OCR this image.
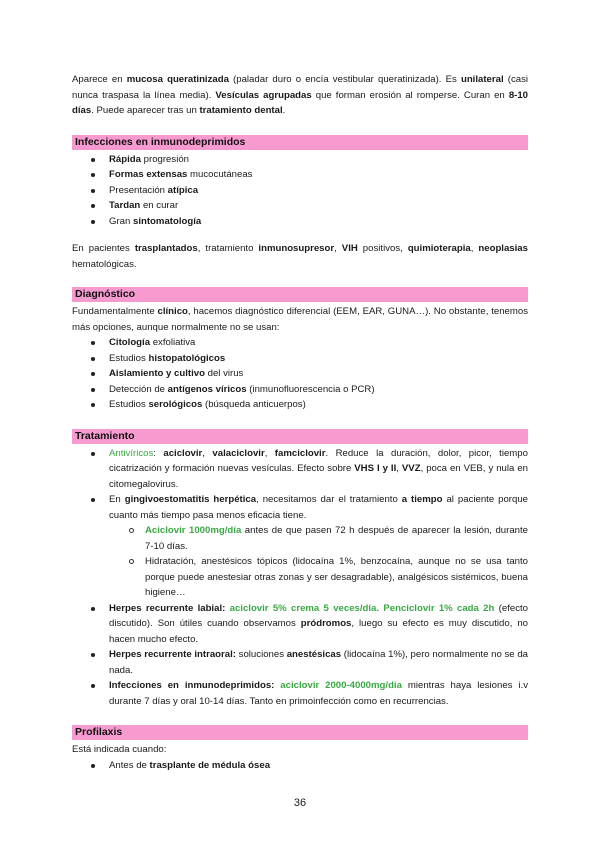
Aparece en mucosa queratinizada (paladar duro o encía vestibular queratinizada). Es unilateral (casi nunca traspasa la línea media). Vesículas agrupadas que forman erosión al romperse. Curan en 8-10 días. Puede aparecer tras un tratamiento dental.

Infecciones en inmunodeprimidos
Rápida progresión
Formas extensas mucocutáneas
Presentación atípica
Tardan en curar
Gran sintomatología

En pacientes trasplantados, tratamiento inmunosupresor, VIH positivos, quimioterapia, neoplasias hematológicas.

Diagnóstico

Fundamentalmente clínico, hacemos diagnóstico diferencial (EEM, EAR, GUNA…). No obstante, tenemos más opciones, aunque normalmente no se usan:

Citología exfoliativa
Estudios histopatológicos
Aislamiento y cultivo del virus
Detección de antígenos víricos (inmunofluorescencia o PCR)
Estudios serológicos (búsqueda anticuerpos)
Tratamiento
Antivíricos: aciclovir, valaciclovir, famciclovir. Reduce la duración, dolor, picor, tiempo cicatrización y formación nuevas vesículas. Efecto sobre VHS I y II, VVZ, poca en VEB, y nula en citomegalovirus.
En gingivoestomatitis herpética, necesitamos dar el tratamiento a tiempo al paciente porque cuanto más tiempo pasa menos eficacia tiene.
Aciclovir 1000mg/día antes de que pasen 72 h después de aparecer la lesión, durante 7-10 días.
Hidratación, anestésicos tópicos (lidocaína 1%, benzocaína, aunque no se usa tanto porque puede anestesiar otras zonas y ser desagradable), analgésicos sistémicos, buena higiene…
Herpes recurrente labial: aciclovir 5% crema 5 veces/día. Penciclovir 1% cada 2h (efecto discutido). Son útiles cuando observamos pródromos, luego su efecto es muy discutido, no hacen mucho efecto.
Herpes recurrente intraoral: soluciones anestésicas (lidocaína 1%), pero normalmente no se da nada.
Infecciones en inmunodeprimidos: aciclovir 2000-4000mg/día mientras haya lesiones i.v durante 7 días y oral 10-14 días. Tanto en primoinfección como en recurrencias.
Profilaxis

Está indicada cuando:

Antes de trasplante de médula ósea
36
